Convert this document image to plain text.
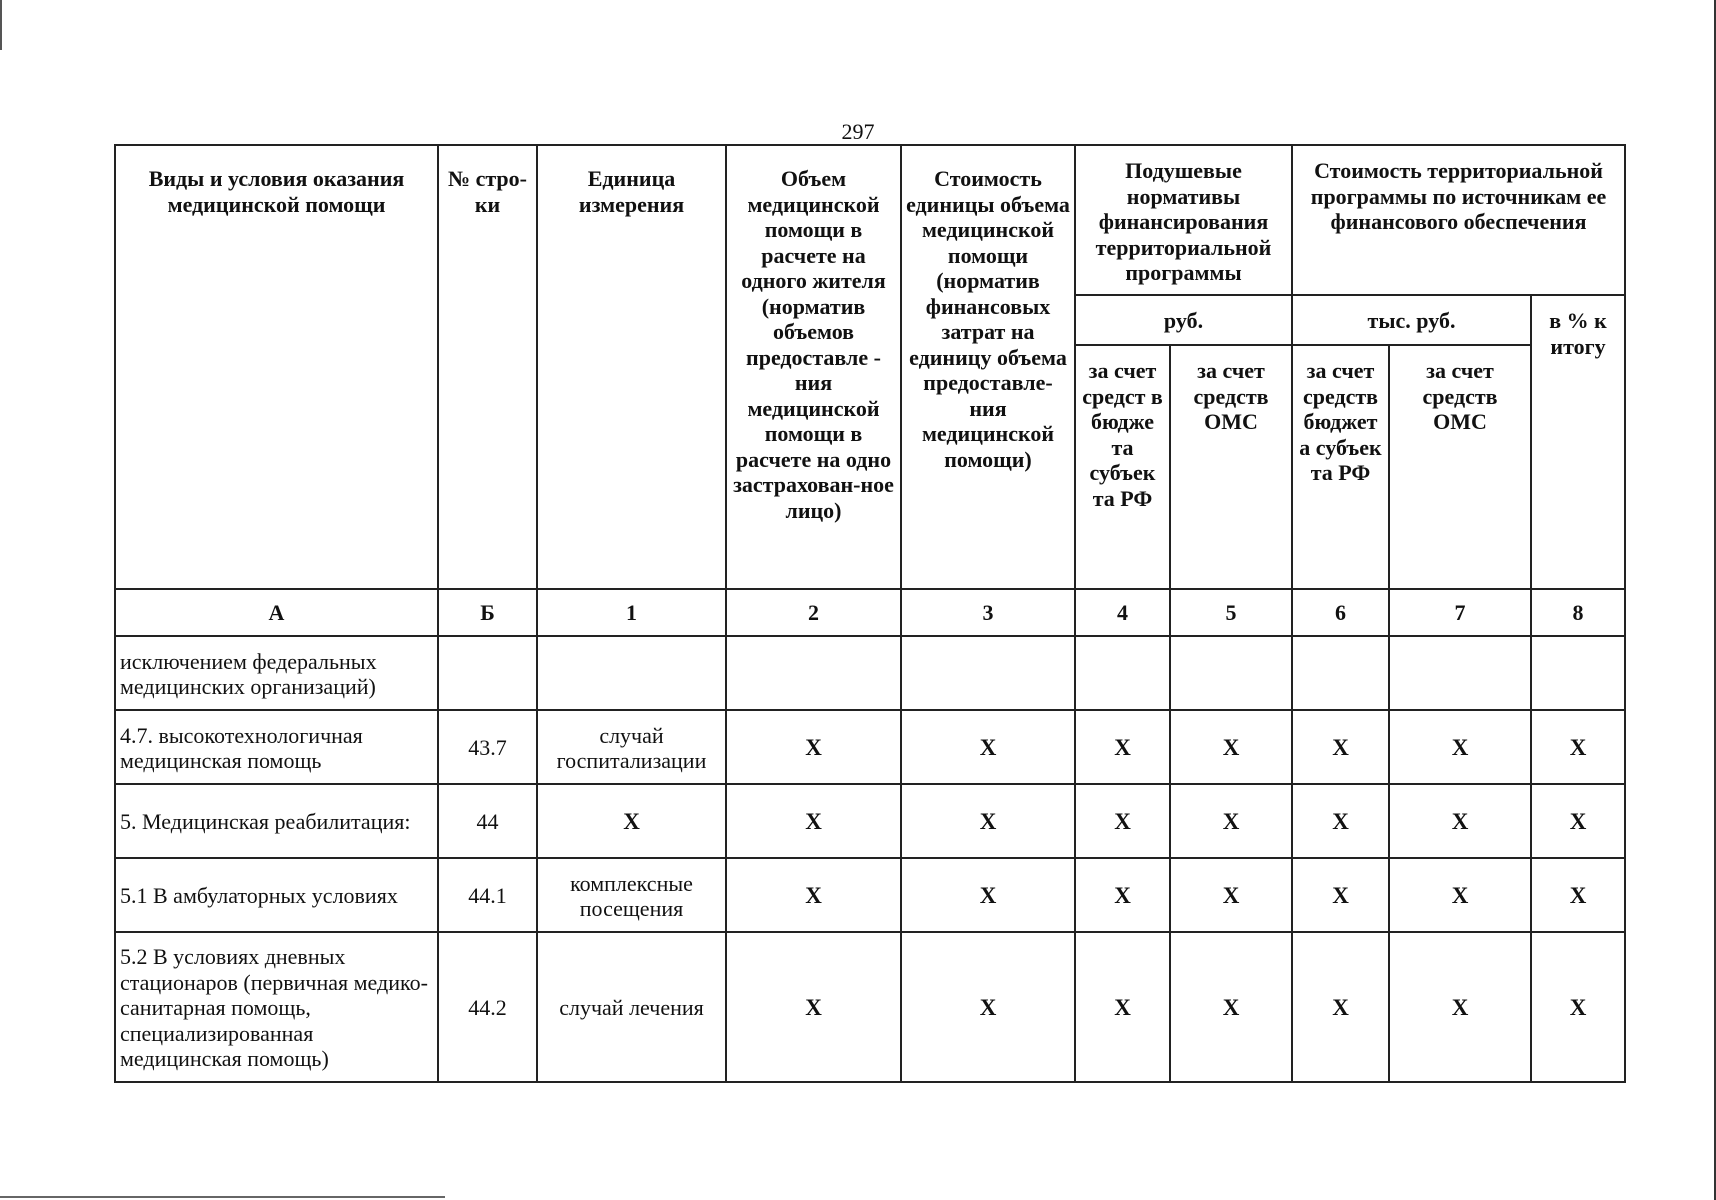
297
Виды и условия оказания медицинской помощи	№ стро-ки	Единица измерения	Объем медицинской помощи в расчете на одного жителя (норматив объемов предоставле - ния медицинской помощи в расчете на одно застрахован-ное лицо)	Стоимость единицы объема медицинской помощи (норматив финансовых затрат на единицу объема предоставле-ния медицинской помощи)	Подушевые нормативы финансирования территориальной программы		Стоимость территориальной программы по источникам ее финансового обеспечения		
					руб.		тыс. руб.		в % к итогу
					за счет средст в бюдже та субъек та РФ	за счет средств ОМС	за счет средств бюджет а субъек та РФ	за счет средств ОМС	
А	Б	1	2	3	4	5	6	7	8
исключением федеральных медицинских организаций)									
4.7. высокотехнологичная медицинская помощь	43.7	случай госпитализации	X	X	X	X	X	X	X
5. Медицинская реабилитация:	44	X	X	X	X	X	X	X	X
5.1 В амбулаторных условиях	44.1	комплексные посещения	X	X	X	X	X	X	X
5.2 В условиях дневных стационаров (первичная медико-санитарная помощь, специализированная медицинская помощь)	44.2	случай лечения	X	X	X	X	X	X	X
